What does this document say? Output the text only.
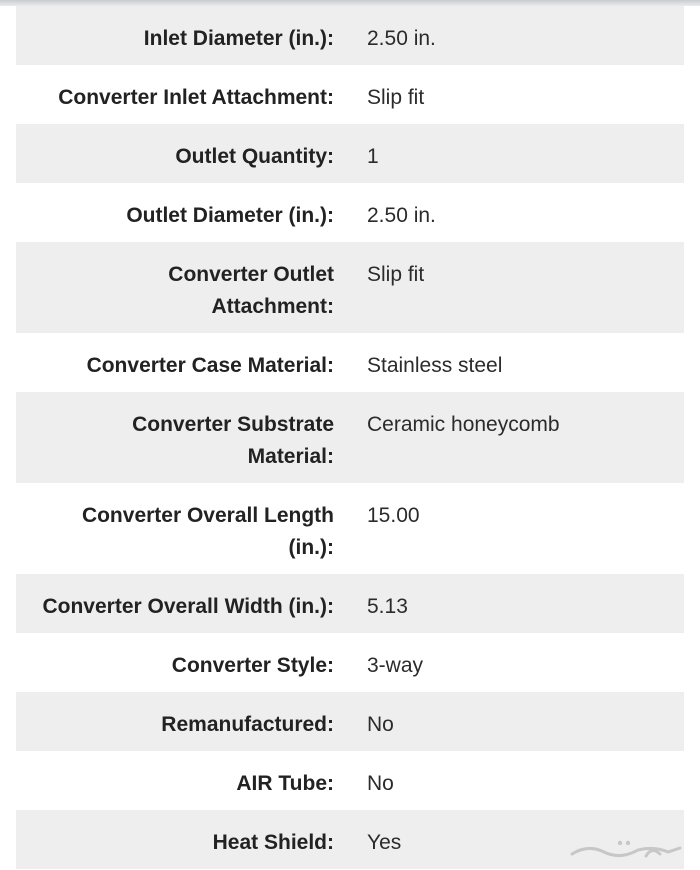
Inlet Diameter (in.): 2.50 in.
Converter Inlet Attachment: Slip fit
Outlet Quantity: 1
Outlet Diameter (in.): 2.50 in.
Converter Outlet Attachment:
Slip fit
Converter Case Material: Stainless steel
Converter Substrate Material:
Ceramic honeycomb
Converter Overall Length (in.):
15.00
Converter Overall Width (in.): 5.13
Converter Style: 3-way
Remanufactured: No
AIR Tube: No
Heat Shield: Yes
